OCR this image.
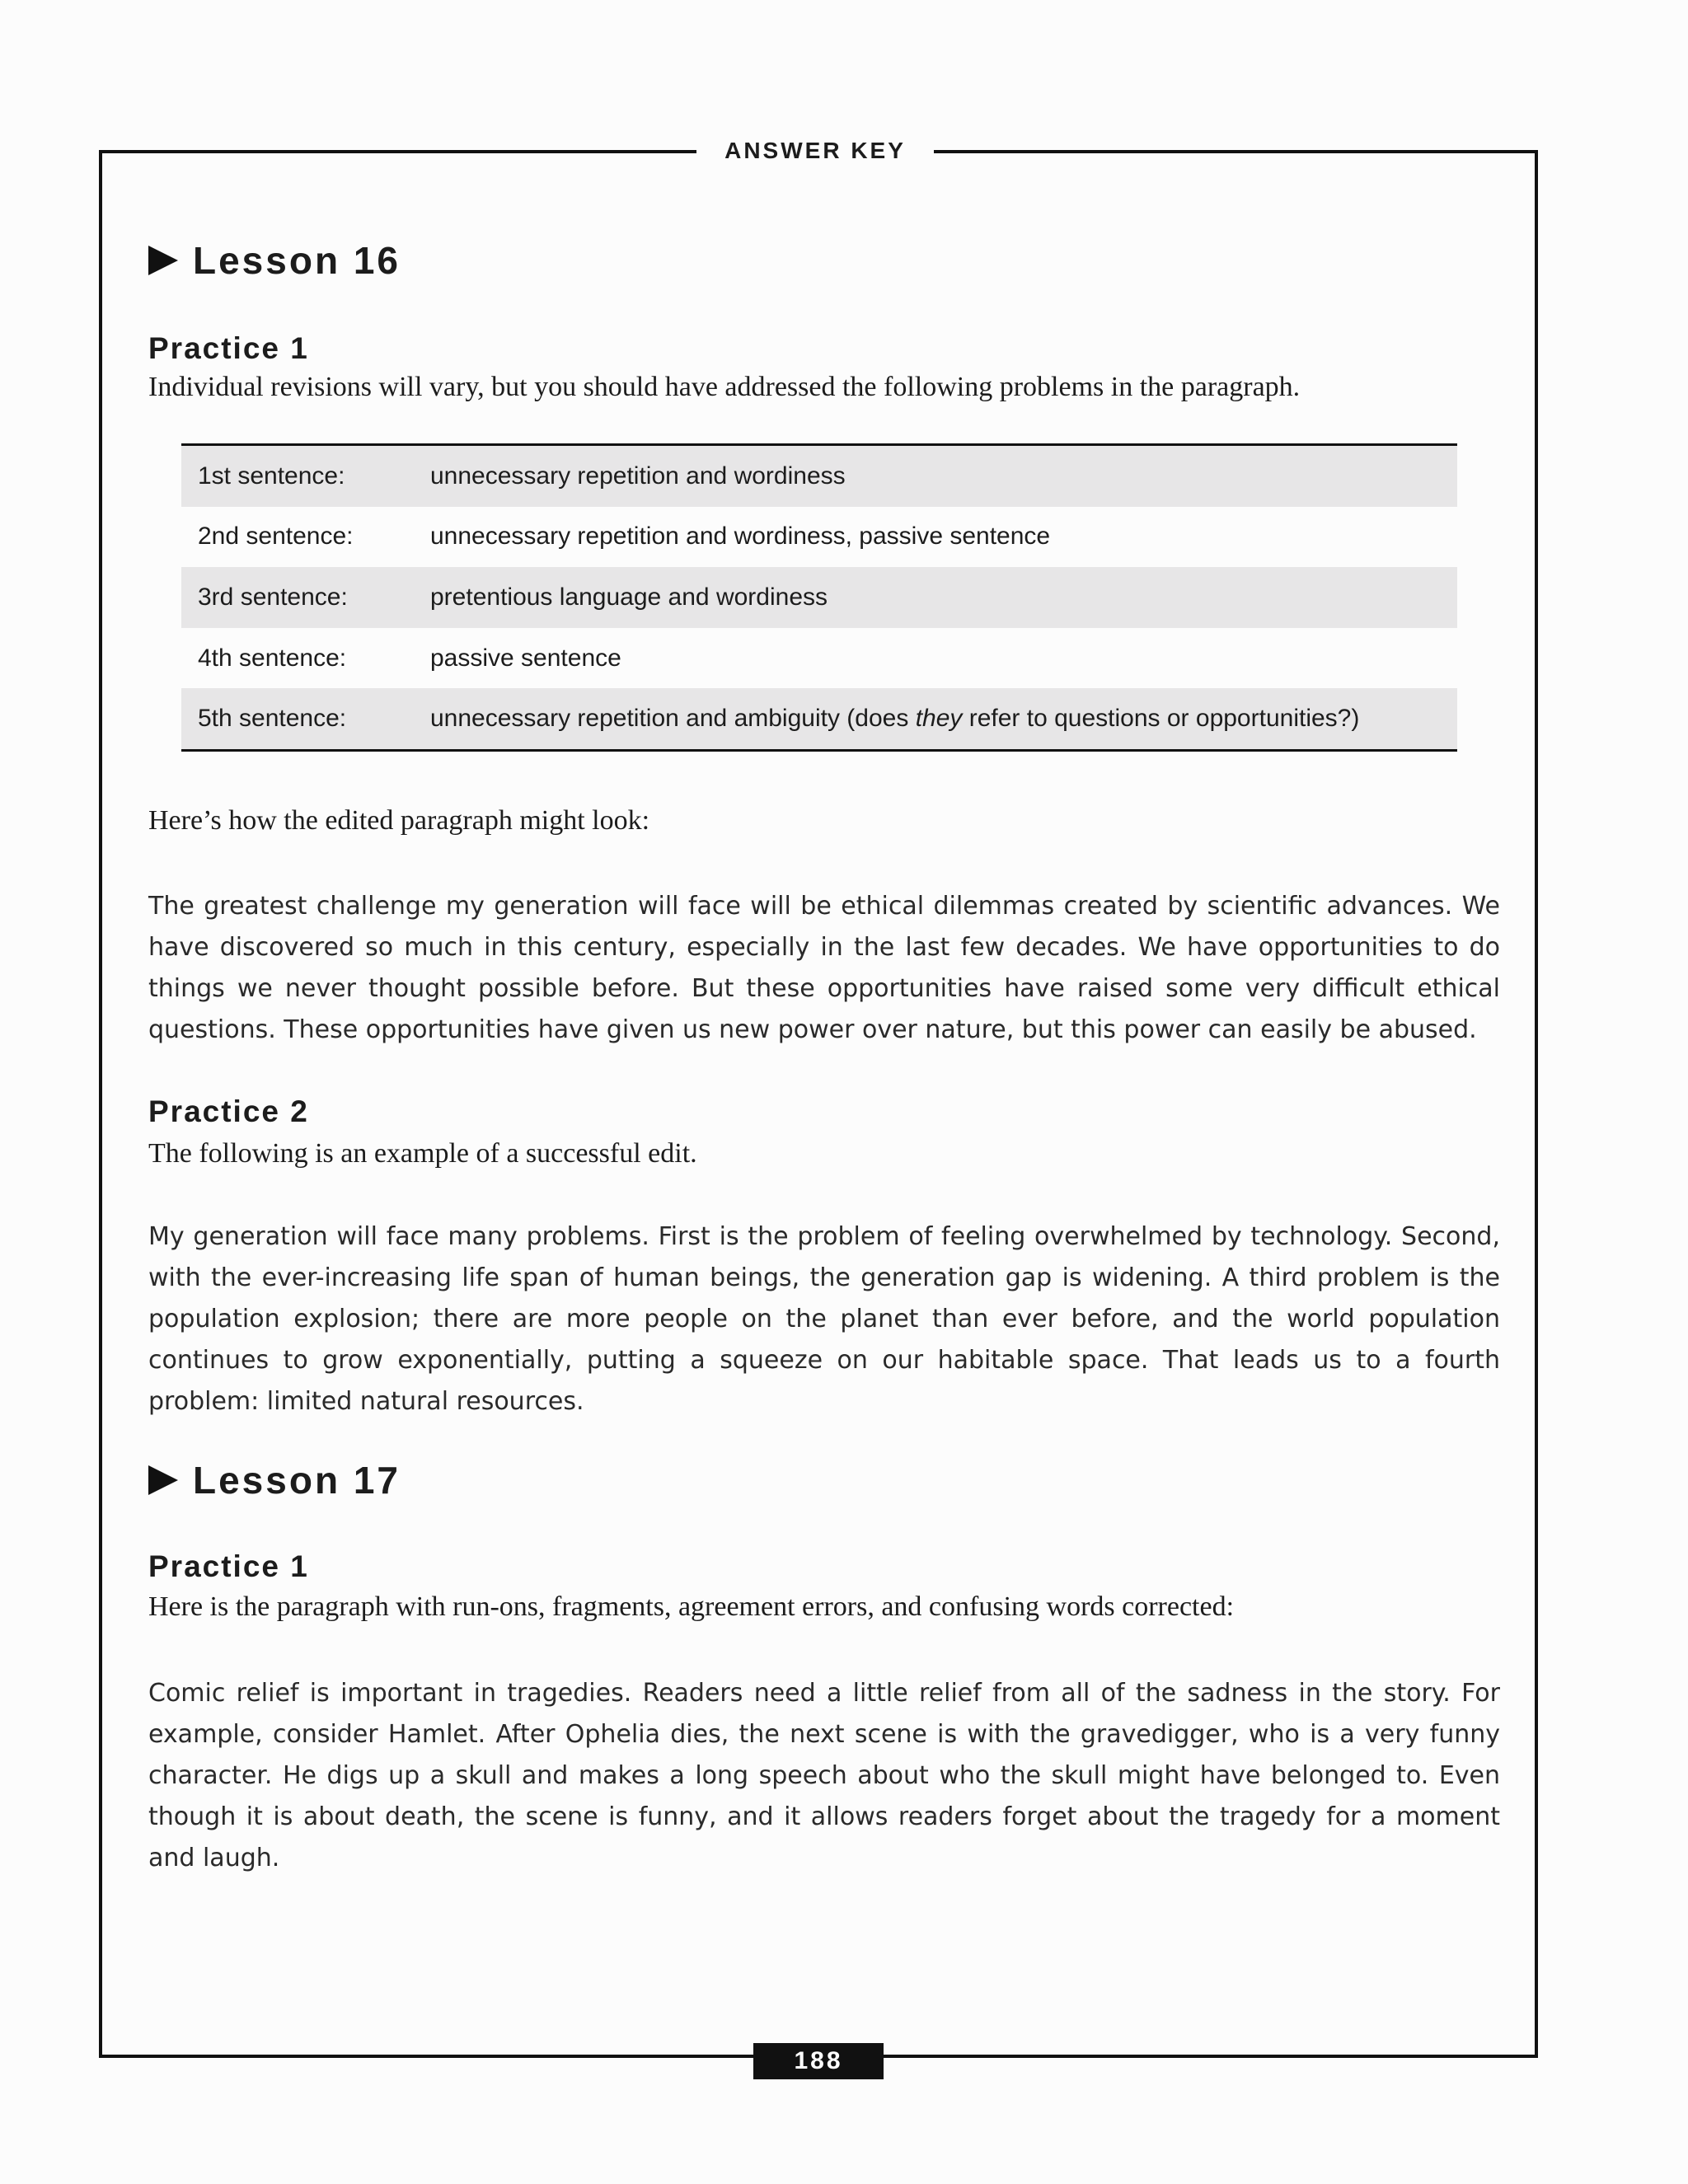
ANSWER KEY
Lesson 16
Practice 1
Individual revisions will vary, but you should have addressed the following problems in the paragraph.
1st sentence:	unnecessary repetition and wordiness
2nd sentence:	unnecessary repetition and wordiness, passive sentence
3rd sentence:	pretentious language and wordiness
4th sentence:	passive sentence
5th sentence:	unnecessary repetition and ambiguity (does they refer to questions or opportunities?)
Here’s how the edited paragraph might look:
The greatest challenge my generation will face will be ethical dilemmas created by scientific advances. We have discovered so much in this century, especially in the last few decades. We have opportunities to do things we never thought possible before. But these opportunities have raised some very difficult ethical questions. These opportunities have given us new power over nature, but this power can easily be abused.
Practice 2
The following is an example of a successful edit.
My generation will face many problems. First is the problem of feeling overwhelmed by technology. Second, with the ever-increasing life span of human beings, the generation gap is widening. A third problem is the population explosion; there are more people on the planet than ever before, and the world population continues to grow exponentially, putting a squeeze on our habitable space. That leads us to a fourth problem: limited natural resources.
Lesson 17
Practice 1
Here is the paragraph with run-ons, fragments, agreement errors, and confusing words corrected:
Comic relief is important in tragedies. Readers need a little relief from all of the sadness in the story. For example, consider Hamlet. After Ophelia dies, the next scene is with the gravedigger, who is a very funny character. He digs up a skull and makes a long speech about who the skull might have belonged to. Even though it is about death, the scene is funny, and it allows readers forget about the tragedy for a moment and laugh.
188
